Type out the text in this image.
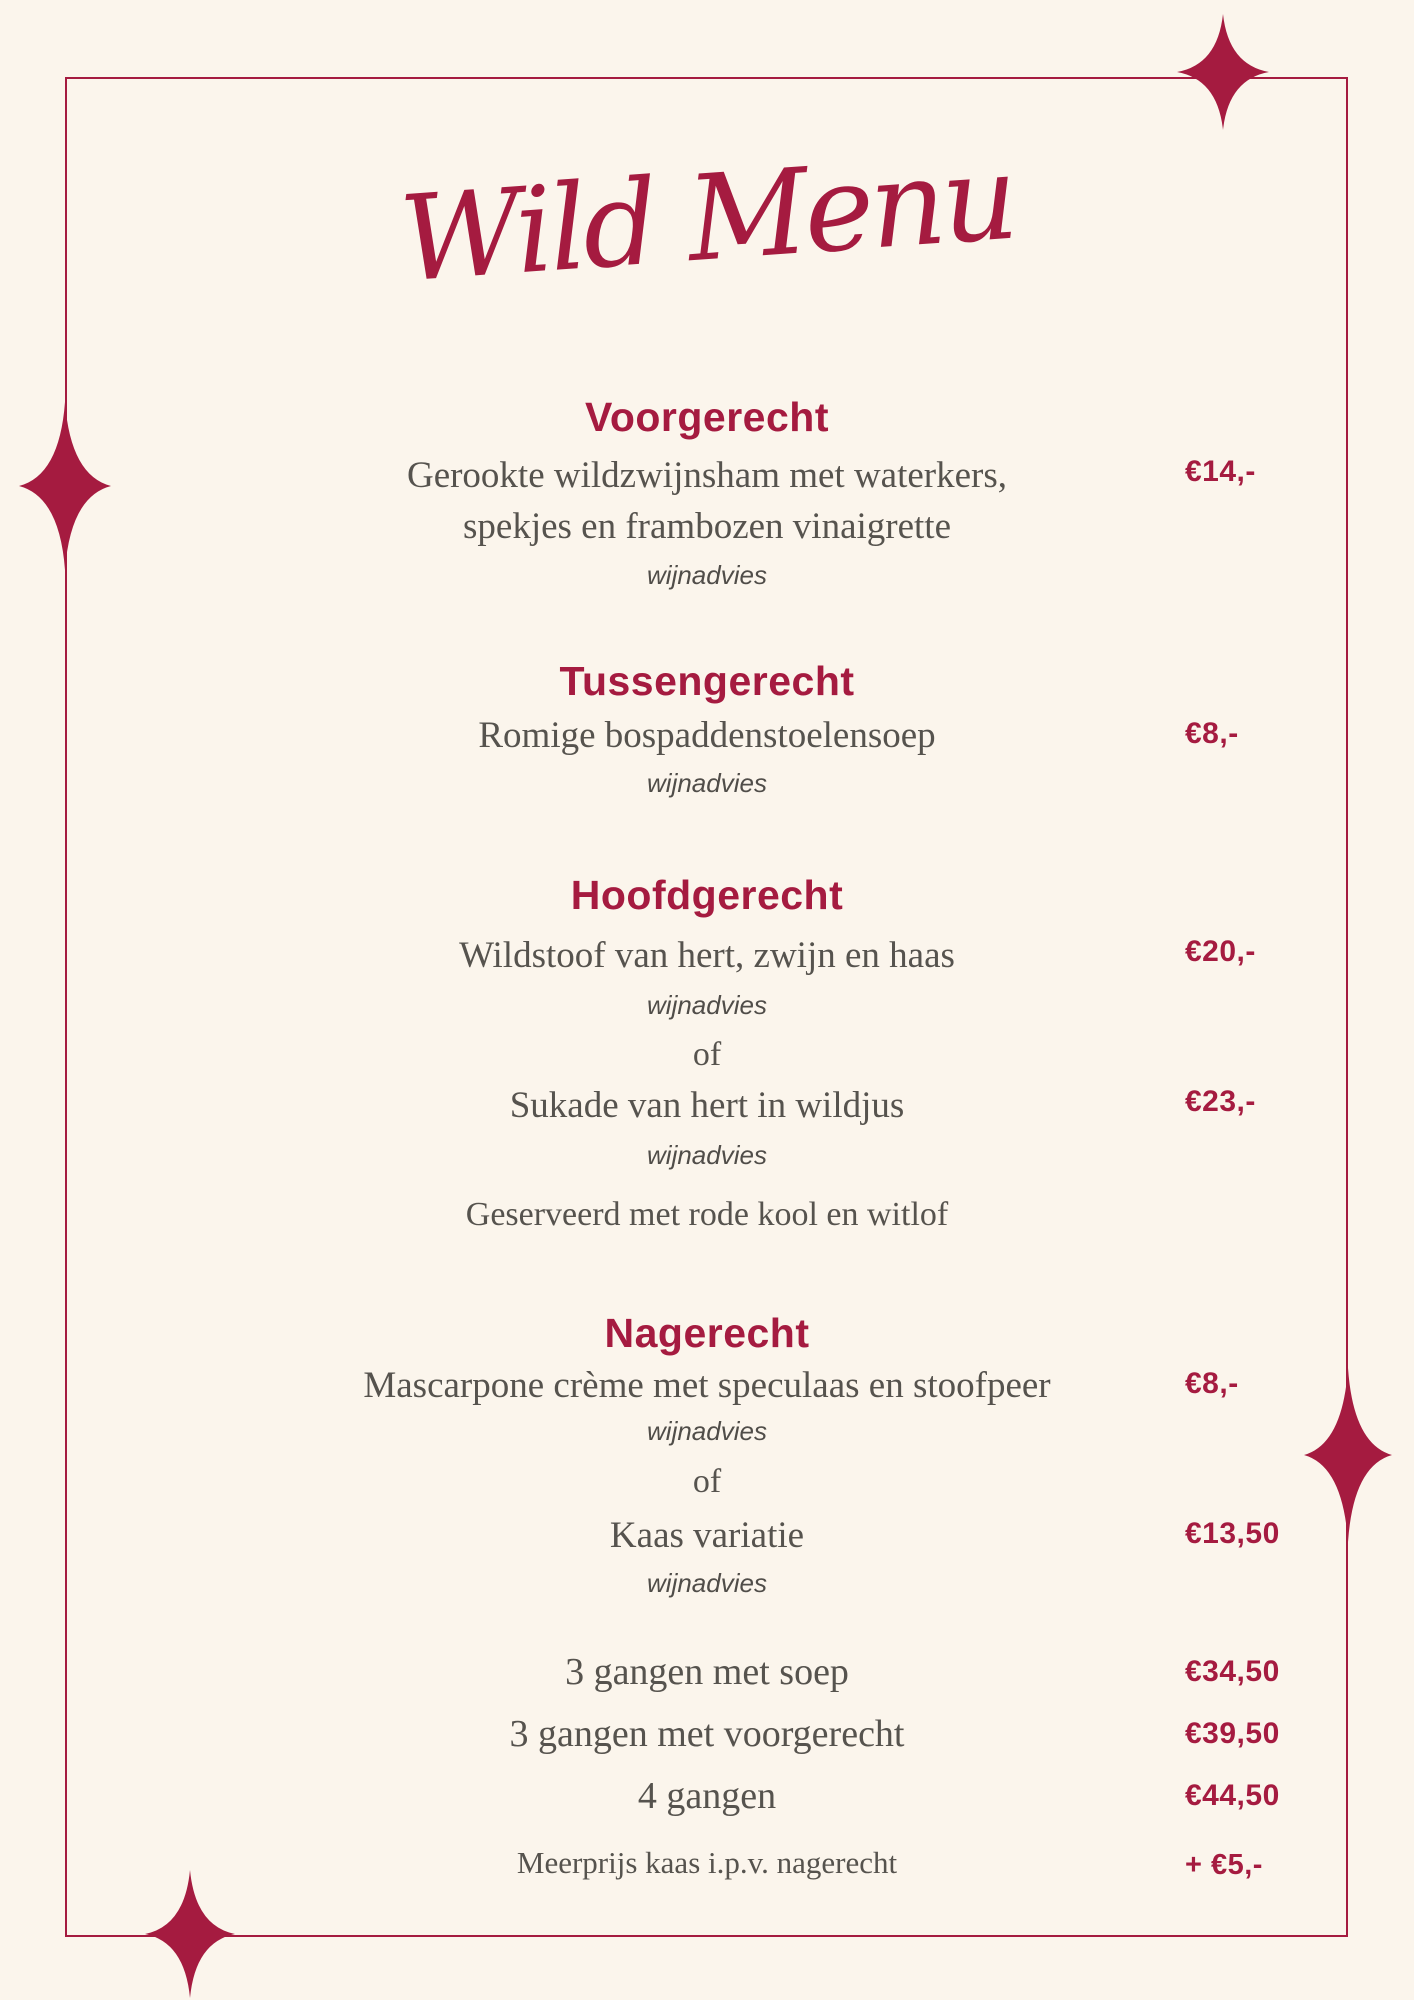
Wild Menu
Voorgerecht
Gerookte wildzwijnsham met waterkers,
spekjes en frambozen vinaigrette
€14,-
wijnadvies
Tussengerecht
Romige bospaddenstoelensoep	€8,-
wijnadvies
Hoofdgerecht
Wildstoof van hert, zwijn en haas	€20,-
wijnadvies
of
Sukade van hert in wildjus	€23,-
wijnadvies
Geserveerd met rode kool en witlof
Nagerecht
Mascarpone crème met speculaas en stoofpeer	€8,-
wijnadvies
of
Kaas variatie	€13,50
wijnadvies
3 gangen met soep	€34,50
3 gangen met voorgerecht	€39,50
4 gangen	€44,50
Meerprijs kaas i.p.v. nagerecht	+ €5,-
